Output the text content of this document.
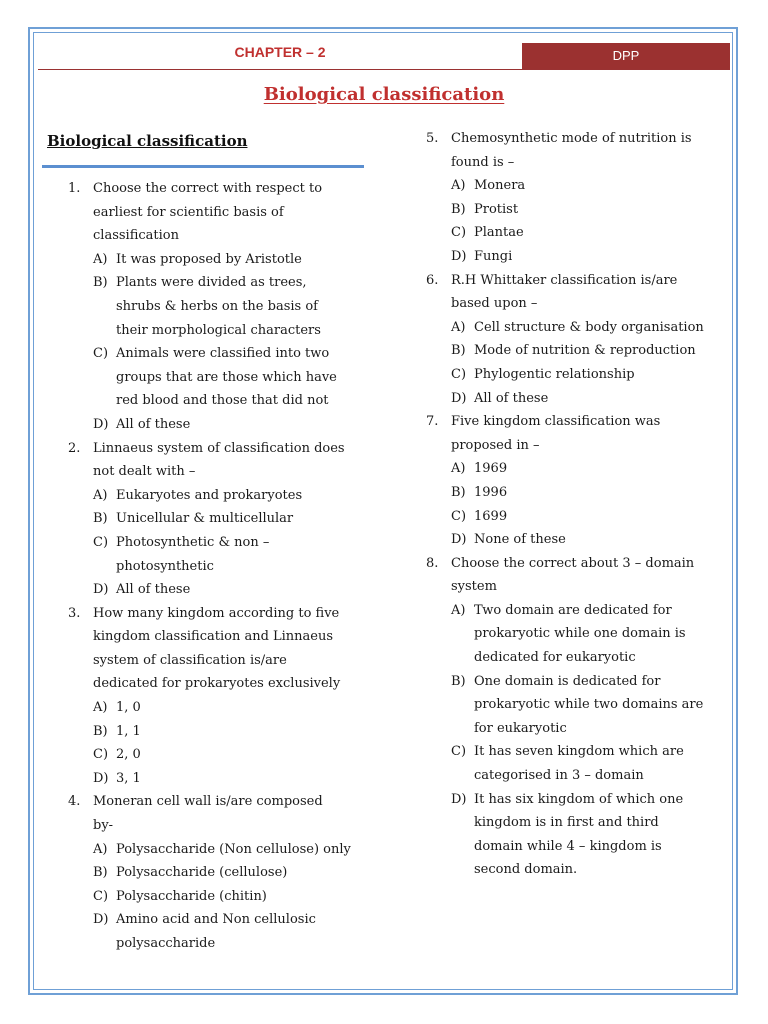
CHAPTER – 2	DPP
Biological classification
Biological classification
1. Choose the correct with respect to
earliest for scientific basis of
classification
A) It was proposed by Aristotle
B) Plants were divided as trees,
shrubs & herbs on the basis of
their morphological characters
C) Animals were classified into two
groups that are those which have
red blood and those that did not
D) All of these
2. Linnaeus system of classification does
not dealt with –
A) Eukaryotes and prokaryotes
B) Unicellular & multicellular
C) Photosynthetic & non –
photosynthetic
D) All of these
3. How many kingdom according to five
kingdom classification and Linnaeus
system of classification is/are
dedicated for prokaryotes exclusively
A) 1, 0
B) 1, 1
C) 2, 0
D) 3, 1
4. Moneran cell wall is/are composed
by-
A) Polysaccharide (Non cellulose) only
B) Polysaccharide (cellulose)
C) Polysaccharide (chitin)
D) Amino acid and Non cellulosic
polysaccharide
5. Chemosynthetic mode of nutrition is
found is –
A) Monera
B) Protist
C) Plantae
D) Fungi
6. R.H Whittaker classification is/are
based upon –
A) Cell structure & body organisation
B) Mode of nutrition & reproduction
C) Phylogentic relationship
D) All of these
7. Five kingdom classification was
proposed in –
A) 1969
B) 1996
C) 1699
D) None of these
8. Choose the correct about 3 – domain
system
A) Two domain are dedicated for
prokaryotic while one domain is
dedicated for eukaryotic
B) One domain is dedicated for
prokaryotic while two domains are
for eukaryotic
C) It has seven kingdom which are
categorised in 3 – domain
D) It has six kingdom of which one
kingdom is in first and third
domain while 4 – kingdom is
second domain.
